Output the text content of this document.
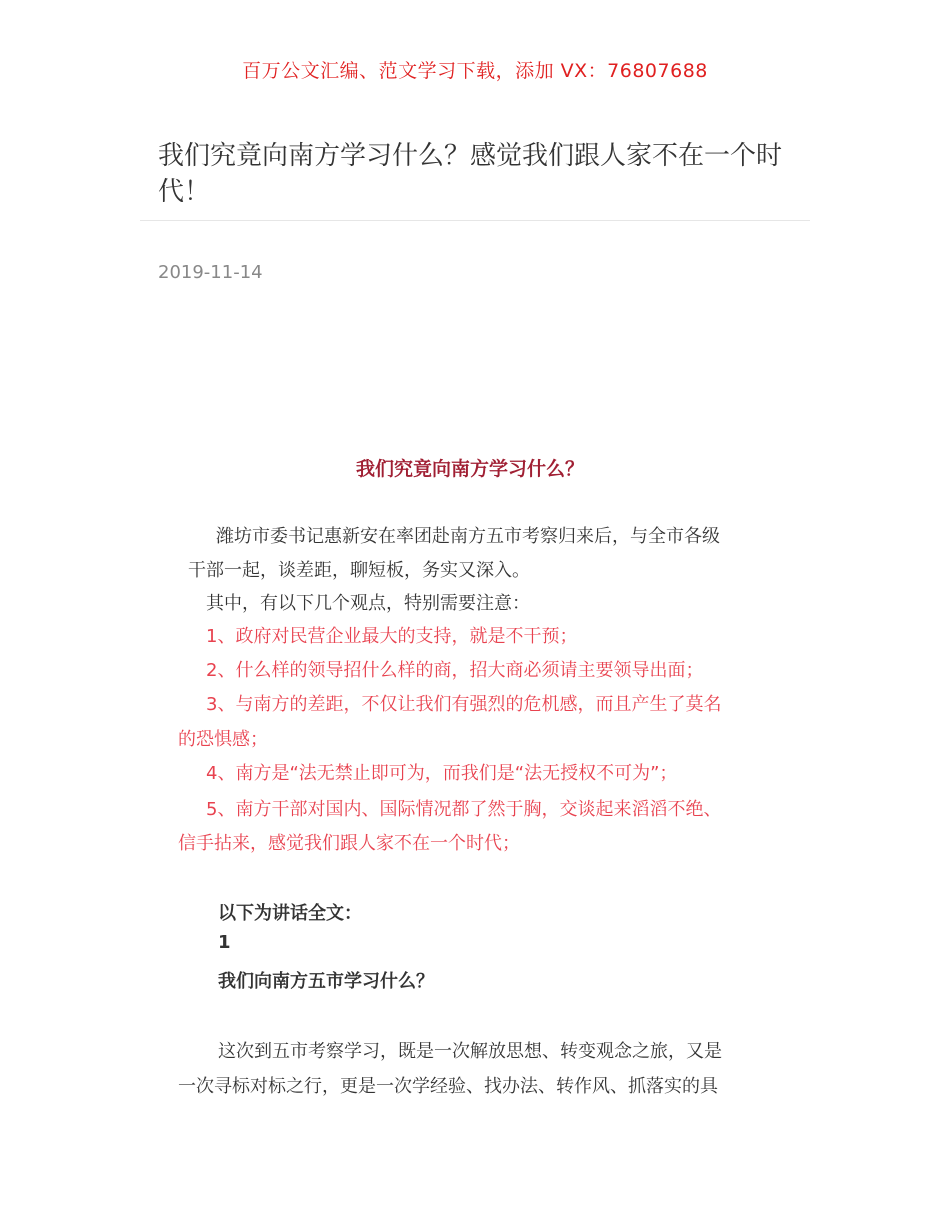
百万公文汇编、范文学习下载，添加 VX：76807688
我们究竟向南方学习什么？感觉我们跟人家不在一个时代！
2019-11-14
我们究竟向南方学习什么？
潍坊市委书记惠新安在率团赴南方五市考察归来后，与全市各级
干部一起，谈差距，聊短板，务实又深入。
其中，有以下几个观点，特别需要注意：
1、政府对民营企业最大的支持，就是不干预；
2、什么样的领导招什么样的商，招大商必须请主要领导出面；
3、与南方的差距，不仅让我们有强烈的危机感，而且产生了莫名
的恐惧感；
4、南方是“法无禁止即可为，而我们是“法无授权不可为”；
5、南方干部对国内、国际情况都了然于胸，交谈起来滔滔不绝、
信手拈来，感觉我们跟人家不在一个时代；
以下为讲话全文：
1
我们向南方五市学习什么？
这次到五市考察学习，既是一次解放思想、转变观念之旅，又是
一次寻标对标之行，更是一次学经验、找办法、转作风、抓落实的具
